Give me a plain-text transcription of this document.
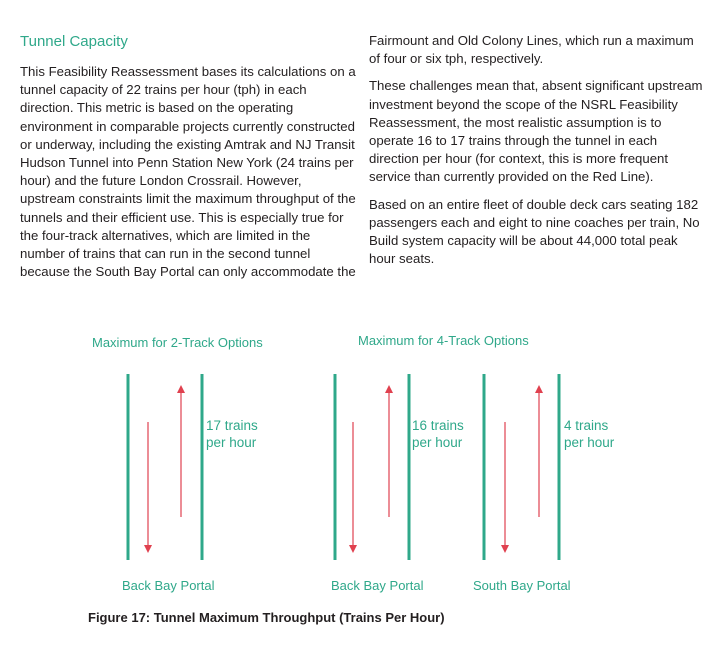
Tunnel Capacity

This Feasibility Reassessment bases its calculations on a tunnel capacity of 22 trains per hour (tph) in each direction. This metric is based on the operating environment in comparable projects currently constructed or underway, including the existing Amtrak and NJ Transit Hudson Tunnel into Penn Station New York (24 trains per hour) and the future London Crossrail. However, upstream constraints limit the maximum throughput of the tunnels and their efficient use. This is especially true for the four-track alternatives, which are limited in the number of trains that can run in the second tunnel because the South Bay Portal can only accommodate the

Fairmount and Old Colony Lines, which run a maximum of four or six tph, respectively.

These challenges mean that, absent significant upstream investment beyond the scope of the NSRL Feasibility Reassessment, the most realistic assumption is to operate 16 to 17 trains through the tunnel in each direction per hour (for context, this is more frequent service than currently provided on the Red Line).

Based on an entire fleet of double deck cars seating 182 passengers each and eight to nine coaches per train, No Build system capacity will be about 44,000 total peak hour seats.

Maximum for 2-Track Options	Maximum for 4-Track Options
17 trains
per hour
16 trains
per hour
4 trains
per hour
Back Bay Portal	Back Bay Portal	South Bay Portal
Figure 17: Tunnel Maximum Throughput (Trains Per Hour)
